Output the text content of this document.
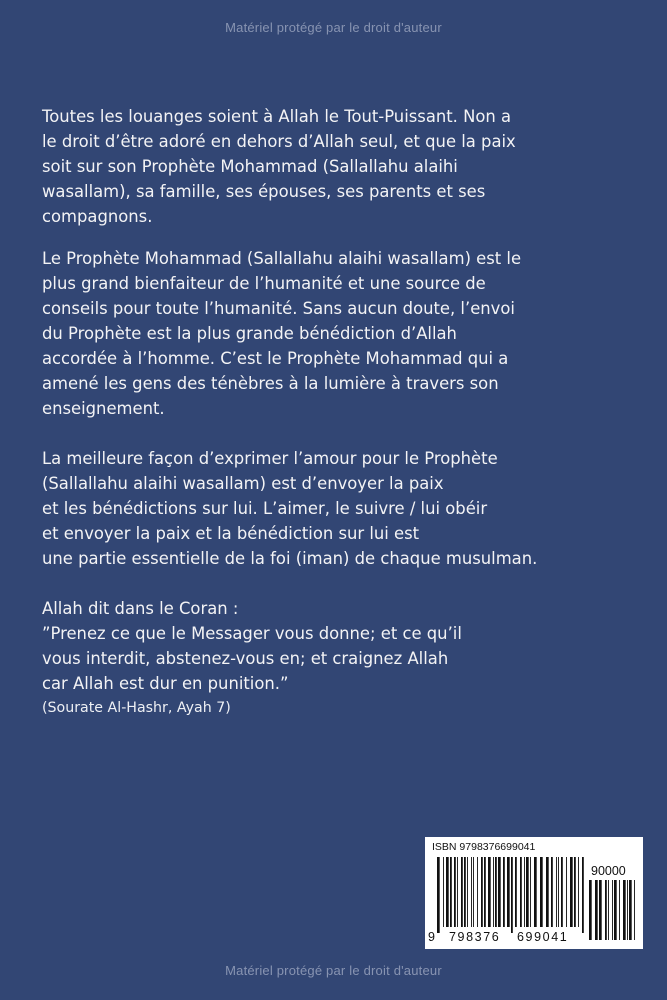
Matériel protégé par le droit d'auteur
Toutes les louanges soient à Allah le Tout-Puissant. Non a
le droit d’être adoré en dehors d’Allah seul, et que la paix
soit sur son Prophète Mohammad (Sallallahu alaihi
wasallam), sa famille, ses épouses, ses parents et ses
compagnons.
Le Prophète Mohammad (Sallallahu alaihi wasallam) est le
plus grand bienfaiteur de l’humanité et une source de
conseils pour toute l’humanité. Sans aucun doute, l’envoi
du Prophète est la plus grande bénédiction d’Allah
accordée à l’homme. C’est le Prophète Mohammad qui a
amené les gens des ténèbres à la lumière à travers son
enseignement.
La meilleure façon d’exprimer l’amour pour le Prophète
(Sallallahu alaihi wasallam) est d’envoyer la paix
et les bénédictions sur lui. L’aimer, le suivre / lui obéir
et envoyer la paix et la bénédiction sur lui est
une partie essentielle de la foi (iman) de chaque musulman.
Allah dit dans le Coran :
”Prenez ce que le Messager vous donne; et ce qu’il
vous interdit, abstenez-vous en; et craignez Allah
car Allah est dur en punition.”
(Sourate Al-Hashr, Ayah 7)
ISBN 9798376699041
90000
9 798376 699041
Matériel protégé par le droit d'auteur
